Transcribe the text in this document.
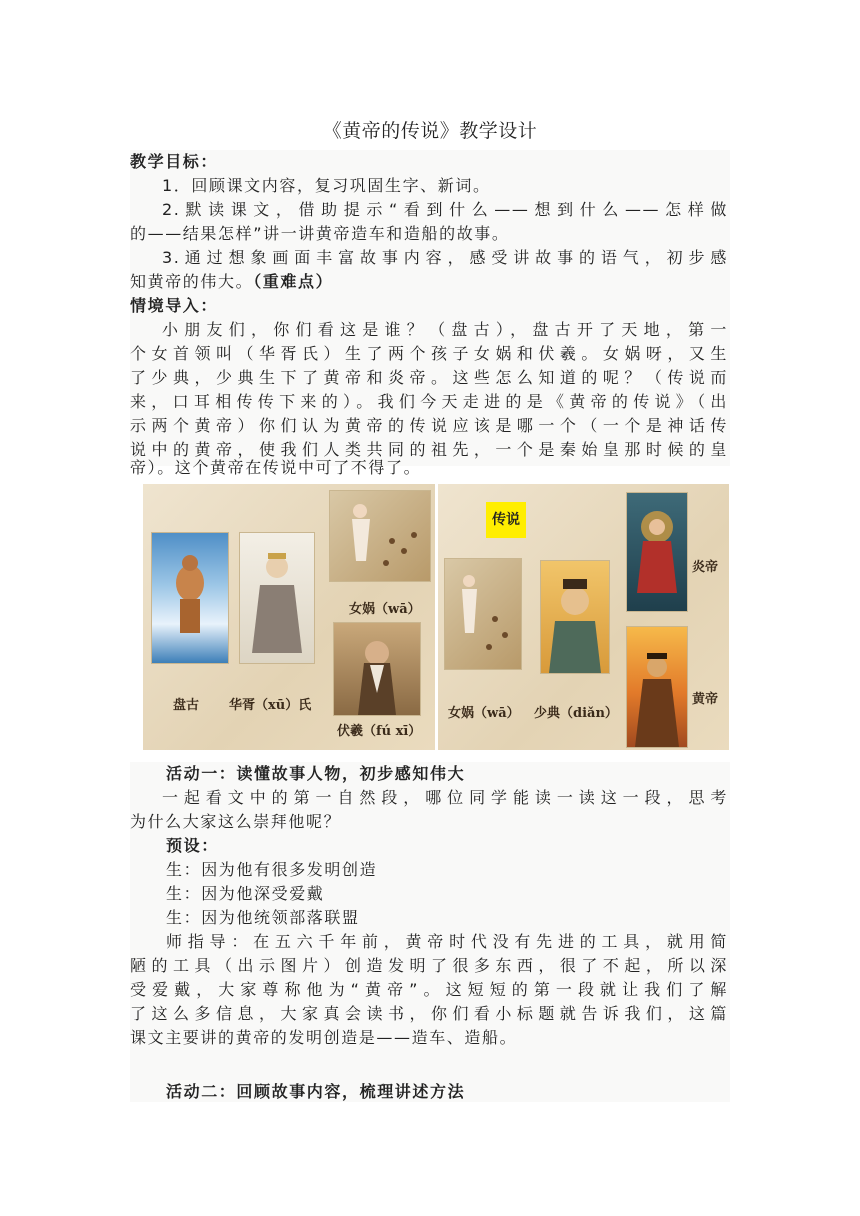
《黄帝的传说》教学设计
教学目标：
1．回顾课文内容，复习巩固生字、新词。
2.默读课文，借助提示“看到什么——想到什么——怎样做
的——结果怎样”讲一讲黄帝造车和造船的故事。
3.通过想象画面丰富故事内容，感受讲故事的语气，初步感
知黄帝的伟大。（重难点）
情境导入：
小朋友们，你们看这是谁？（盘古），盘古开了天地，第一
个女首领叫（华胥氏）生了两个孩子女娲和伏羲。女娲呀，又生
了少典，少典生下了黄帝和炎帝。这些怎么知道的呢？（传说而
来，口耳相传传下来的）。我们今天走进的是《黄帝的传说》（出
示两个黄帝）你们认为黄帝的传说应该是哪一个（一个是神话传
说中的黄帝，使我们人类共同的祖先，一个是秦始皇那时候的皇
帝）。这个黄帝在传说中可了不得了。
女娲（wā）
盘古 华胥（xū）氏
伏羲（fú xī）
传说
炎帝
黄帝
女娲（wā） 少典（diǎn）
活动一：读懂故事人物，初步感知伟大
一起看文中的第一自然段，哪位同学能读一读这一段，思考
为什么大家这么崇拜他呢？
预设：
生：因为他有很多发明创造
生：因为他深受爱戴
生：因为他统领部落联盟
师指导：在五六千年前，黄帝时代没有先进的工具，就用简
陋的工具（出示图片）创造发明了很多东西，很了不起，所以深
受爱戴，大家尊称他为“黄帝”。这短短的第一段就让我们了解
了这么多信息，大家真会读书，你们看小标题就告诉我们，这篇
课文主要讲的黄帝的发明创造是——造车、造船。
活动二：回顾故事内容，梳理讲述方法
